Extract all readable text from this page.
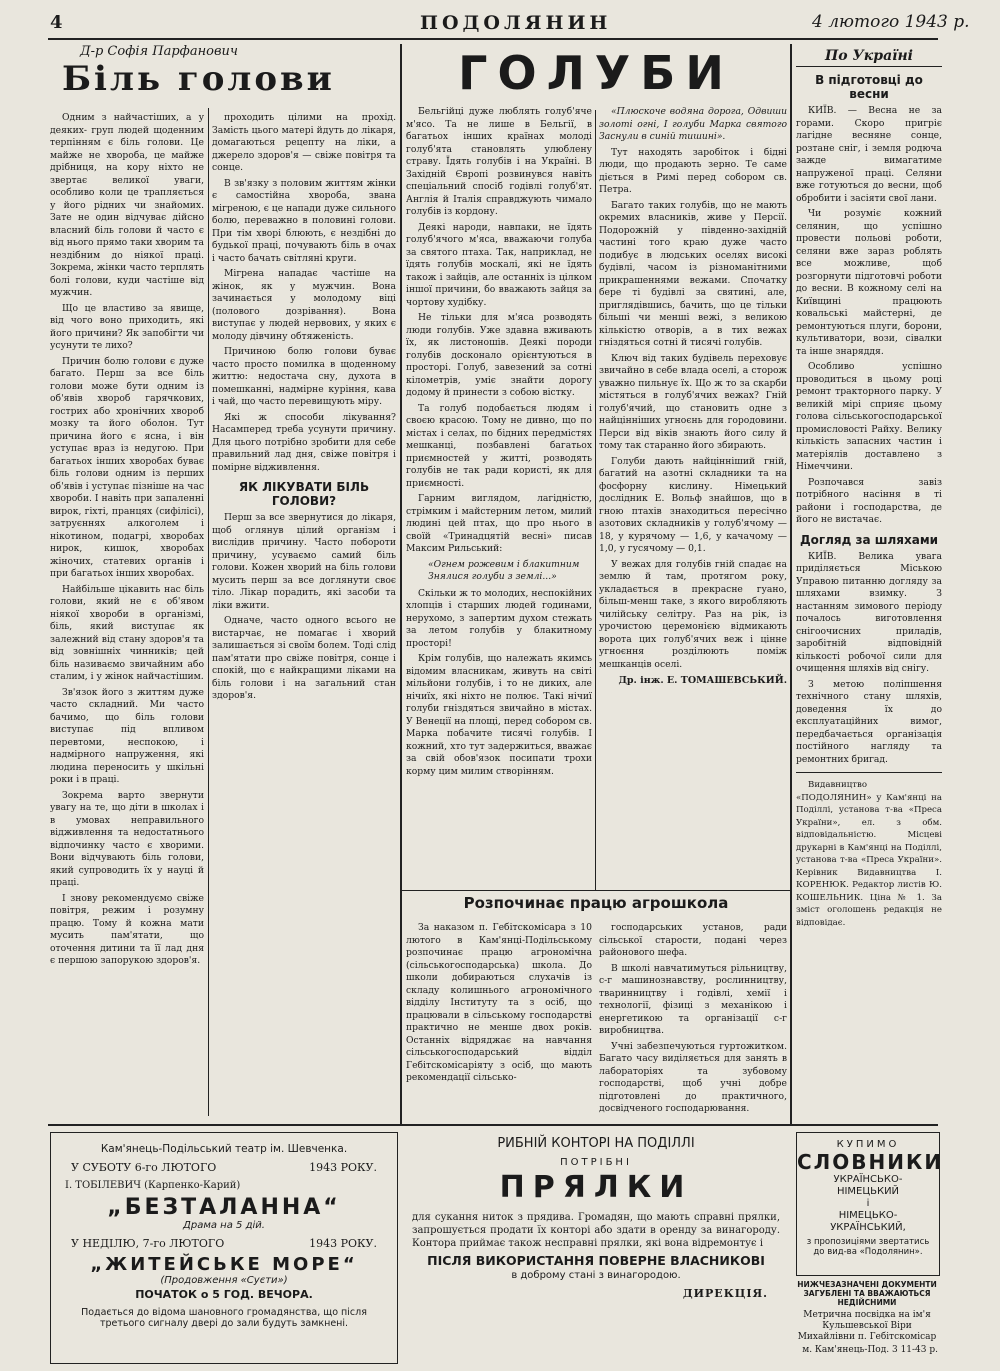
4	ПОДОЛЯНИН	4 лютого 1943 р.
Д-р Софія Парфанович
Біль голови

Одним з найчастіших, а у деяких- груп людей щоденним терпінням є біль голови. Це майже не хвороба, це майже дрібниця, на кору ніхто не звертає великої уваги, особливо коли це трапляється у його рідних чи знайомих. Зате не один відчуває дійсно власний біль голови й часто є від нього прямо таки хворим та нездібним до ніякої праці. Зокрема, жінки часто терплять болі голови, куди частіше від мужчин.

Що це властиво за явище, від чого воно приходить, які його причини? Як запобігти чи усунути те лихо?

Причин болю голови є дуже багато. Перш за все біль голови може бути одним із об'явів хвороб гарячкових, гострих або хронічних хвороб мозку та його оболон. Тут причина його є ясна, і він уступає враз із недугою. При багатьох інших хворобах буває біль голови одним із перших об'явів і уступає пізніше на час хвороби. І навіть при запаленні вирок, гіхті, пранцях (сифілісі), затруєннях алкоголем і нікотином, подагрі, хворобах нирок, кишок, хворобах жіночих, статевих органів і при багатьох інших хворобах.

Найбільше цікавить нас біль голови, який не є об'явом ніякої хвороби в організмі, біль, який виступає як залежний від стану здоров'я та від зовнішніх чинників; цей біль називаємо звичайним або сталим, і у жінок найчастішим.

Зв'язок його з життям дуже часто складний. Ми часто бачимо, що біль голови виступає під впливом перевтоми, неспокою, і надмірного напруження, які людина переносить у шкільні роки і в праці.

Зокрема варто звернути увагу на те, що діти в школах і в умовах неправильного відживлення та недостатнього відпочинку часто є хворими. Вони відчувають біль голови, який супроводить їх у науці й праці.

І знову рекомендуємо свіже повітря, режим і розумну працю. Тому й кожна мати мусить пам'ятати, що оточення дитини та її лад дня є першою запорукою здоров'я.

проходить цілими на прохід. Замість цього матері йдуть до лікаря, домагаються рецепту на ліки, а джерело здоров'я — свіже повітря та сонце.

В зв'язку з половим життям жінки є самостійна хвороба, звана мігреною, є це напади дуже сильного болю, переважно в половині голови. При тім хворі блюють, є нездібні до будької праці, почувають біль в очах і часто бачать світляні круги.

Мігрена нападає частіше на жінок, як у мужчин. Вона зачинається у молодому віці (полового дозрівання). Вона виступає у людей нервових, у яких є молоду дівчину обтяженість.

Причиною болю голови буває часто просто помилка в щоденному життю: недостача сну, духота в помешканні, надмірне куріння, кава і чай, що часто перевищують міру.

Які ж способи лікування? Насамперед треба усунути причину. Для цього потрібно зробити для себе правильний лад дня, свіже повітря і помірне відживлення.

ЯК ЛІКУВАТИ БІЛЬ ГОЛОВИ?

Перш за все звернутися до лікаря, щоб оглянув цілий організм і вислідив причину. Часто побороти причину, усуваємо самий біль голови. Кожен хворий на біль голови мусить перш за все доглянути своє тіло. Лікар порадить, які засоби та ліки вжити.

Одначе, часто одного всього не вистарчає, не помагає і хворий залишається зі своїм болем. Тоді слід пам'ятати про свіже повітря, сонце і спокій, що є найкращими ліками на біль голови і на загальний стан здоров'я.

ГОЛУБИ

Бельгійці дуже люблять голуб'яче м'ясо. Та не лише в Бельгії, в багатьох інших країнах молоді голуб'ята становлять улюблену страву. Їдять голубів і на Україні. В Західній Європі розвинувся навіть спеціальний спосіб годівлі голуб'ят. Англія й Італія справджують чимало голубів із кордону.

Деякі народи, навпаки, не їдять голуб'ячого м'яса, вважаючи голуба за святого птаха. Так, наприклад, не їдять голубів москалі, які не їдять також і зайців, але останніх із цілком іншої причини, бо вважають зайця за чортову худібку.

Не тільки для м'яса розводять люди голубів. Уже здавна вживають їх, як листоношів. Деякі породи голубів досконало орієнтуються в просторі. Голуб, завезений за сотні кілометрів, уміє знайти дорогу додому й принести з собою вістку.

Та голуб подобається людям і своєю красою. Тому не дивно, що по містах і селах, по бідних передмістях мешканці, позбавлені багатьох приємностей у житті, розводять голубів не так ради користі, як для приємності.

Гарним виглядом, лагідністю, стрімким і майстерним летом, милий людині цей птах, що про нього в своїй «Тринадцятій весні» писав Максим Рильський:

«Огнем рожевим і блакитним
Знялися голуби з землі...»

Скільки ж то молодих, неспокійних хлопців і старших людей годинами, нерухомо, з запертим духом стежать за летом голубів у блакитному просторі!

Крім голубів, що належать якимсь відомим власникам, живуть на світі мільйони голубів, і то не диких, але нічиїх, які ніхто не полює. Такі нічиї голуби гніздяться звичайно в містах. У Венеції на площі, перед собором св. Марка побачите тисячі голубів. І кожний, хто тут задержиться, вважає за свій обов'язок посипати трохи корму цим милим створінням.

«Плюскоче водяна дорога, Одвиши золоті огні, І голуби Марка святого Заснули в синій тишині».

Тут находять заробіток і бідні люди, що продають зерно. Те саме діється в Римі перед собором св. Петра.

Багато таких голубів, що не мають окремих власників, живе у Персії. Подорожній у південно-західній частині того краю дуже часто подибує в людських оселях високі будівлі, часом із різноманітними прикрашеннями вежами. Спочатку бере ті будівлі за святині, але, приглядівшись, бачить, що це тільки більші чи менші вежі, з великою кількістю отворів, а в тих вежах гніздяться сотні й тисячі голубів.

Ключ від таких будівель переховує звичайно в себе влада оселі, а сторож уважно пильнує їх. Що ж то за скарби містяться в голуб'ячих вежах? Гній голуб'ячий, що становить одне з найцінніших угноєнь для городовини. Перси від віків знають його силу й тому так старанно його збирають.

Голуби дають найцінніший гній, багатий на азотні складники та на фосфорну кислину. Німецький дослідник Е. Вольф знайшов, що в гною птахів знаходиться пересічно азотових складників у голуб'ячому — 18, у курячому — 1,6, у качачому — 1,0, у гусячому — 0,1.

У вежах для голубів гній спадає на землю й там, протягом року, укладається в прекрасне гуано, більш-менш таке, з якого виробляють чилійську селітру. Раз на рік, із урочистою церемонією відмикають ворота цих голуб'ячих веж і цінне угноєння розділюють поміж мешканців оселі.

Др. інж. Е. ТОМАШЕВСЬКИЙ.
Розпочинає працю агрошкола

За наказом п. Гебітскомісара з 10 лютого в Кам'янці-Подільському розпочинає працю агрономічна (сільськогосподарська) школа. До школи добираються слухачів із складу колишнього агрономічного відділу Інституту та з осіб, що працювали в сільському господарстві практично не менше двох років. Останніх відряджає на навчання сільськогосподарський відділ Гебітскомісаріяту з осіб, що мають рекомендації сільсько-

господарських установ, ради сільської старости, подані через районового шефа.

В школі навчатимуться рільництву, с-г машинознавству, рослинництву, тваринництву і годівлі, хемії і технології, фізиці з механікою і енергетикою та організації с-г виробництва.

Учні забезпечуються гуртожитком. Багато часу виділяється для занять в лабораторіях та зубовому господарстві, щоб учні добре підготовлені до практичного, досвідченого господарювання.

По Україні
В підготовці до весни

КИЇВ. — Весна не за горами. Скоро пригріє лагідне весняне сонце, розтане сніг, і земля родюча зажде вимагатиме напруженої праці. Селяни вже готуються до весни, щоб обробити і засіяти свої лани.

Чи розуміє кожний селянин, що успішно провести польові роботи, селяни вже зараз роблять все можливе, щоб розгорнути підготовчі роботи до весни. В кожному селі на Київщині працюють ковальські майстерні, де ремонтуються плуги, борони, культиватори, вози, сівалки та інше знаряддя.

Особливо успішно проводиться в цьому році ремонт тракторного парку. У великій мірі сприяє цьому голова сільськогосподарської промисловості Райху. Велику кількість запасних частин і матеріялів доставлено з Німеччини.

Розпочався завіз потрібного насіння в ті райони і господарства, де його не вистачає.

Догляд за шляхами

КИЇВ. Велика увага приділяється Міською Управою питанню догляду за шляхами взимку. З настанням зимового періоду почалось виготовлення снігоочисних приладів, заробітній відповідній кількості робочої сили для очищення шляхів від снігу.

З метою поліпшення технічного стану шляхів, доведення їх до експлуатаційних вимог, передбачається організація постійного нагляду та ремонтних бригад.

Видавництво «ПОДОЛЯНИН» у Кам'янці на Поділлі, установа т-ва «Преса України», ел. з обм. відповідальністю. Місцеві друкарні в Кам'янці на Поділлі, установа т-ва «Преса України». Керівник Видавництва І. КОРЕНЮК. Редактор листів Ю. КОШЕЛЬНИК. Ціна № 1. За зміст оголошень редакція не відповідає.

Кам'янець-Подільський театр ім. Шевченка.
У СУБОТУ 6-го ЛЮТОГО	1943 РОКУ.
І. ТОБІЛЕВИЧ (Карпенко-Карий)
„БЕЗТАЛАННА“
Драма на 5 дій.
У НЕДІЛЮ, 7-го ЛЮТОГО	1943 РОКУ.
„ЖИТЕЙСЬКЕ МОРЕ“
(Продовження «Суєти»)
ПОЧАТОК о 5 ГОД. ВЕЧОРА.
Подається до відома шановного громадянства, що після третього сигналу двері до зали будуть замкнені.
РИБНІЙ КОНТОРІ НА ПОДІЛЛІ
ПОТРІБНІ
ПРЯЛКИ
для сукання ниток з прядива. Громадян, що мають справні прялки, запрошується продати їх конторі або здати в оренду за винагороду. Контора приймає також несправні прялки, які вона відремонтує і
ПІСЛЯ ВИКОРИСТАННЯ ПОВЕРНЕ ВЛАСНИКОВІ
в доброму стані з винагородою.
ДИРЕКЦІЯ.
КУПИМО
СЛОВНИКИ
УКРАЇНСЬКО-
НІМЕЦЬКИЙ
і
НІМЕЦЬКО-
УКРАЇНСЬКИЙ,
з пропозиціями звертатись до вид-ва «Подолянин».
НИЖЧЕЗАЗНАЧЕНІ ДОКУМЕНТИ ЗАГУБЛЕНІ ТА ВВАЖАЮТЬСЯ НЕДІЙСНИМИ
Метрична посвідка на ім'я Кульшевської Віри Михайлівни п. Гебітскомісар
м. Кам'янець-Под. 3 11-43 р.
